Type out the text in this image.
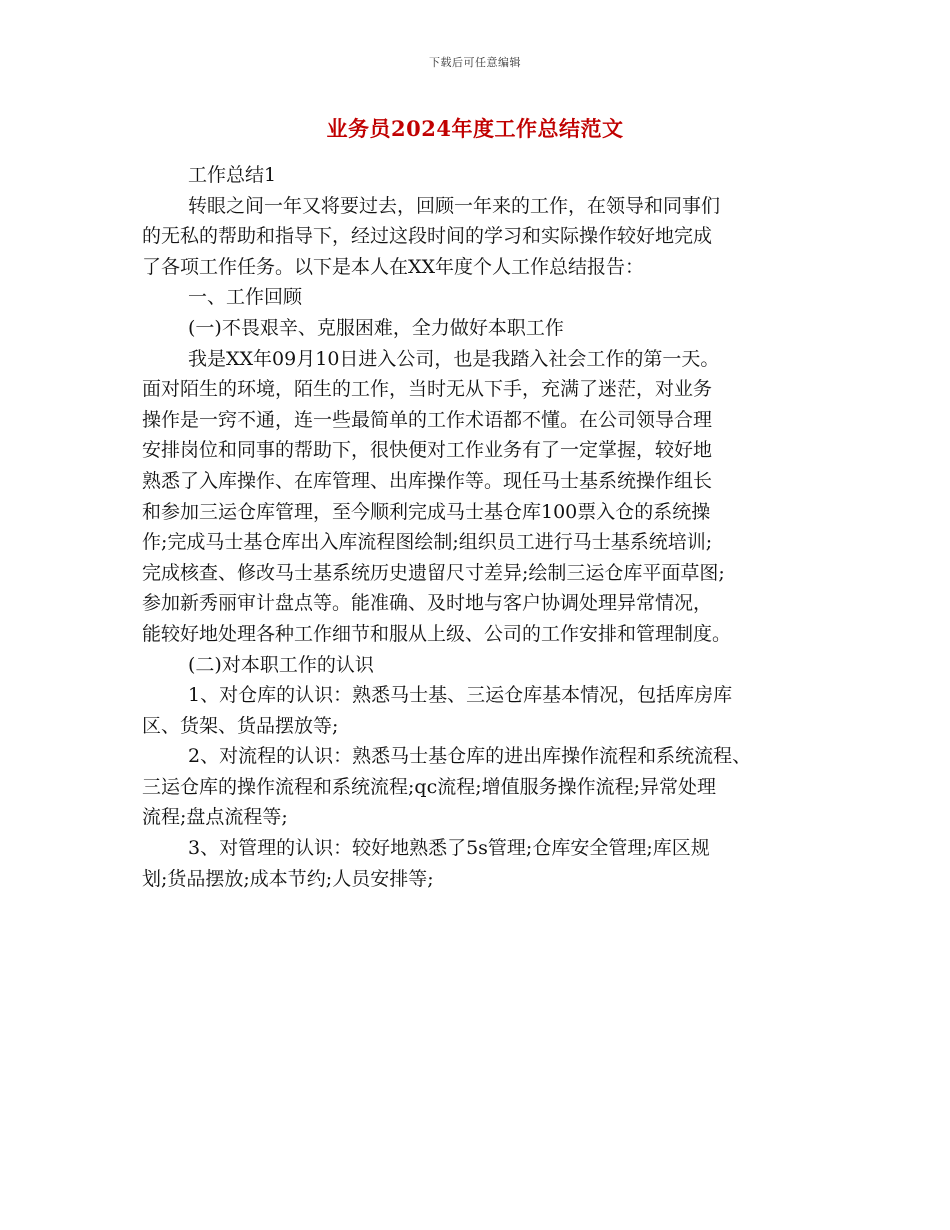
下载后可任意编辑
业务员2024年度工作总结范文
工作总结1
转眼之间一年又将要过去，回顾一年来的工作，在领导和同事们
的无私的帮助和指导下，经过这段时间的学习和实际操作较好地完成
了各项工作任务。以下是本人在XX年度个人工作总结报告：
一、工作回顾
(一)不畏艰辛、克服困难，全力做好本职工作
我是XX年09月10日进入公司，也是我踏入社会工作的第一天。
面对陌生的环境，陌生的工作，当时无从下手，充满了迷茫，对业务
操作是一窍不通，连一些最简单的工作术语都不懂。在公司领导合理
安排岗位和同事的帮助下，很快便对工作业务有了一定掌握，较好地
熟悉了入库操作、在库管理、出库操作等。现任马士基系统操作组长
和参加三运仓库管理，至今顺利完成马士基仓库100票入仓的系统操
作;完成马士基仓库出入库流程图绘制;组织员工进行马士基系统培训;
完成核查、修改马士基系统历史遗留尺寸差异;绘制三运仓库平面草图;
参加新秀丽审计盘点等。能准确、及时地与客户协调处理异常情况，
能较好地处理各种工作细节和服从上级、公司的工作安排和管理制度。
(二)对本职工作的认识
1、对仓库的认识：熟悉马士基、三运仓库基本情况，包括库房库
区、货架、货品摆放等;
2、对流程的认识：熟悉马士基仓库的进出库操作流程和系统流程、
三运仓库的操作流程和系统流程;qc流程;增值服务操作流程;异常处理
流程;盘点流程等;
3、对管理的认识：较好地熟悉了5s管理;仓库安全管理;库区规
划;货品摆放;成本节约;人员安排等;
